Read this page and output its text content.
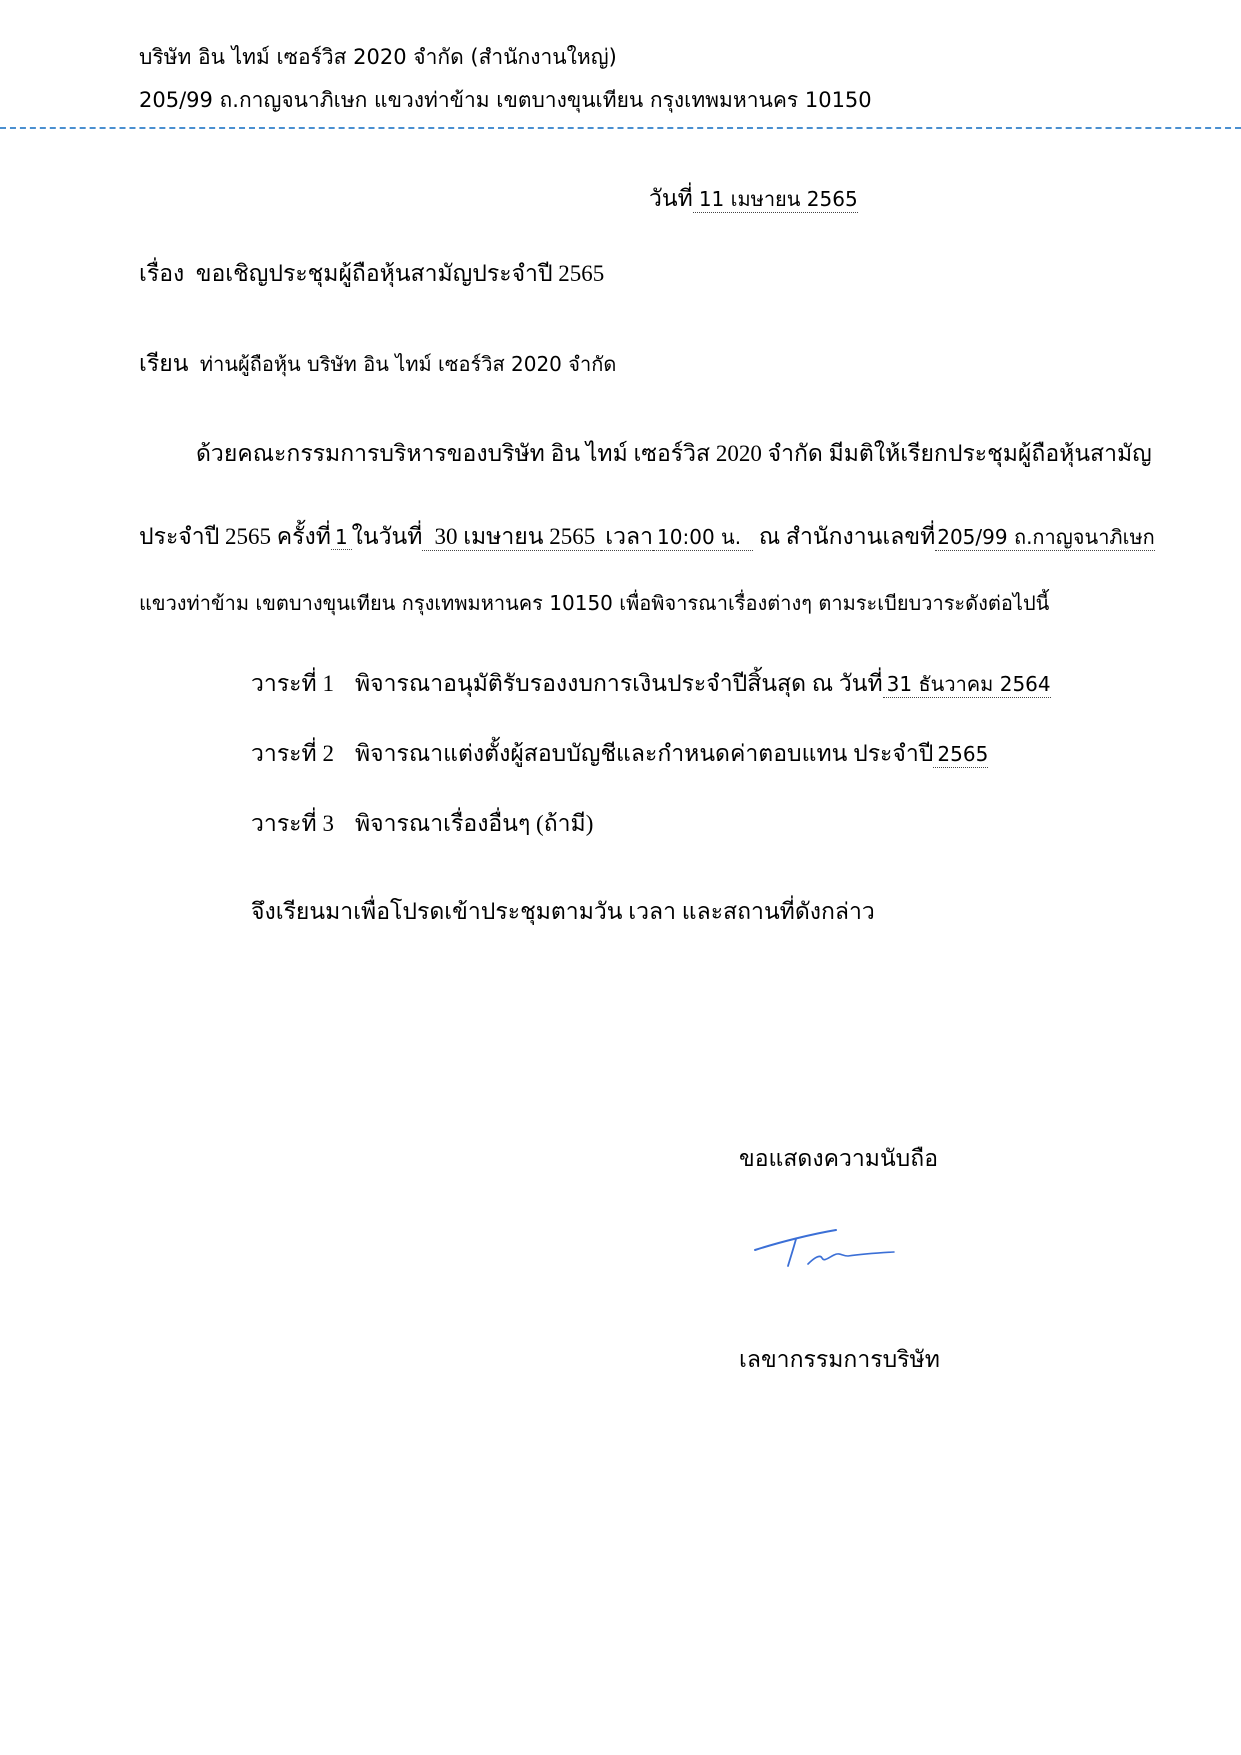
บริษัท อิน ไทม์ เซอร์วิส 2020 จำกัด (สำนักงานใหญ่)
205/99 ถ.กาญจนาภิเษก แขวงท่าข้าม เขตบางขุนเทียน กรุงเทพมหานคร 10150
วันที่ 11 เมษายน 2565
เรื่อง ขอเชิญประชุมผู้ถือหุ้นสามัญประจำปี 2565
เรียน ท่านผู้ถือหุ้น บริษัท อิน ไทม์ เซอร์วิส 2020 จำกัด
ด้วยคณะกรรมการบริหารของบริษัท อิน ไทม์ เซอร์วิส 2020 จำกัด มีมติให้เรียกประชุมผู้ถือหุ้นสามัญ
ประจำปี 2565 ครั้งที่ 1 ในวันที่ 30 เมษายน 2565 เวลา 10:00 น. ณ สำนักงานเลขที่ 205/99 ถ.กาญจนาภิเษก
แขวงท่าข้าม เขตบางขุนเทียน กรุงเทพมหานคร 10150 เพื่อพิจารณาเรื่องต่างๆ ตามระเบียบวาระดังต่อไปนี้
วาระที่ 1 พิจารณาอนุมัติรับรองงบการเงินประจำปีสิ้นสุด ณ วันที่ 31 ธันวาคม 2564
วาระที่ 2 พิจารณาแต่งตั้งผู้สอบบัญชีและกำหนดค่าตอบแทน ประจำปี 2565
วาระที่ 3 พิจารณาเรื่องอื่นๆ (ถ้ามี)
จึงเรียนมาเพื่อโปรดเข้าประชุมตามวัน เวลา และสถานที่ดังกล่าว
ขอแสดงความนับถือ
เลขากรรมการบริษัท
